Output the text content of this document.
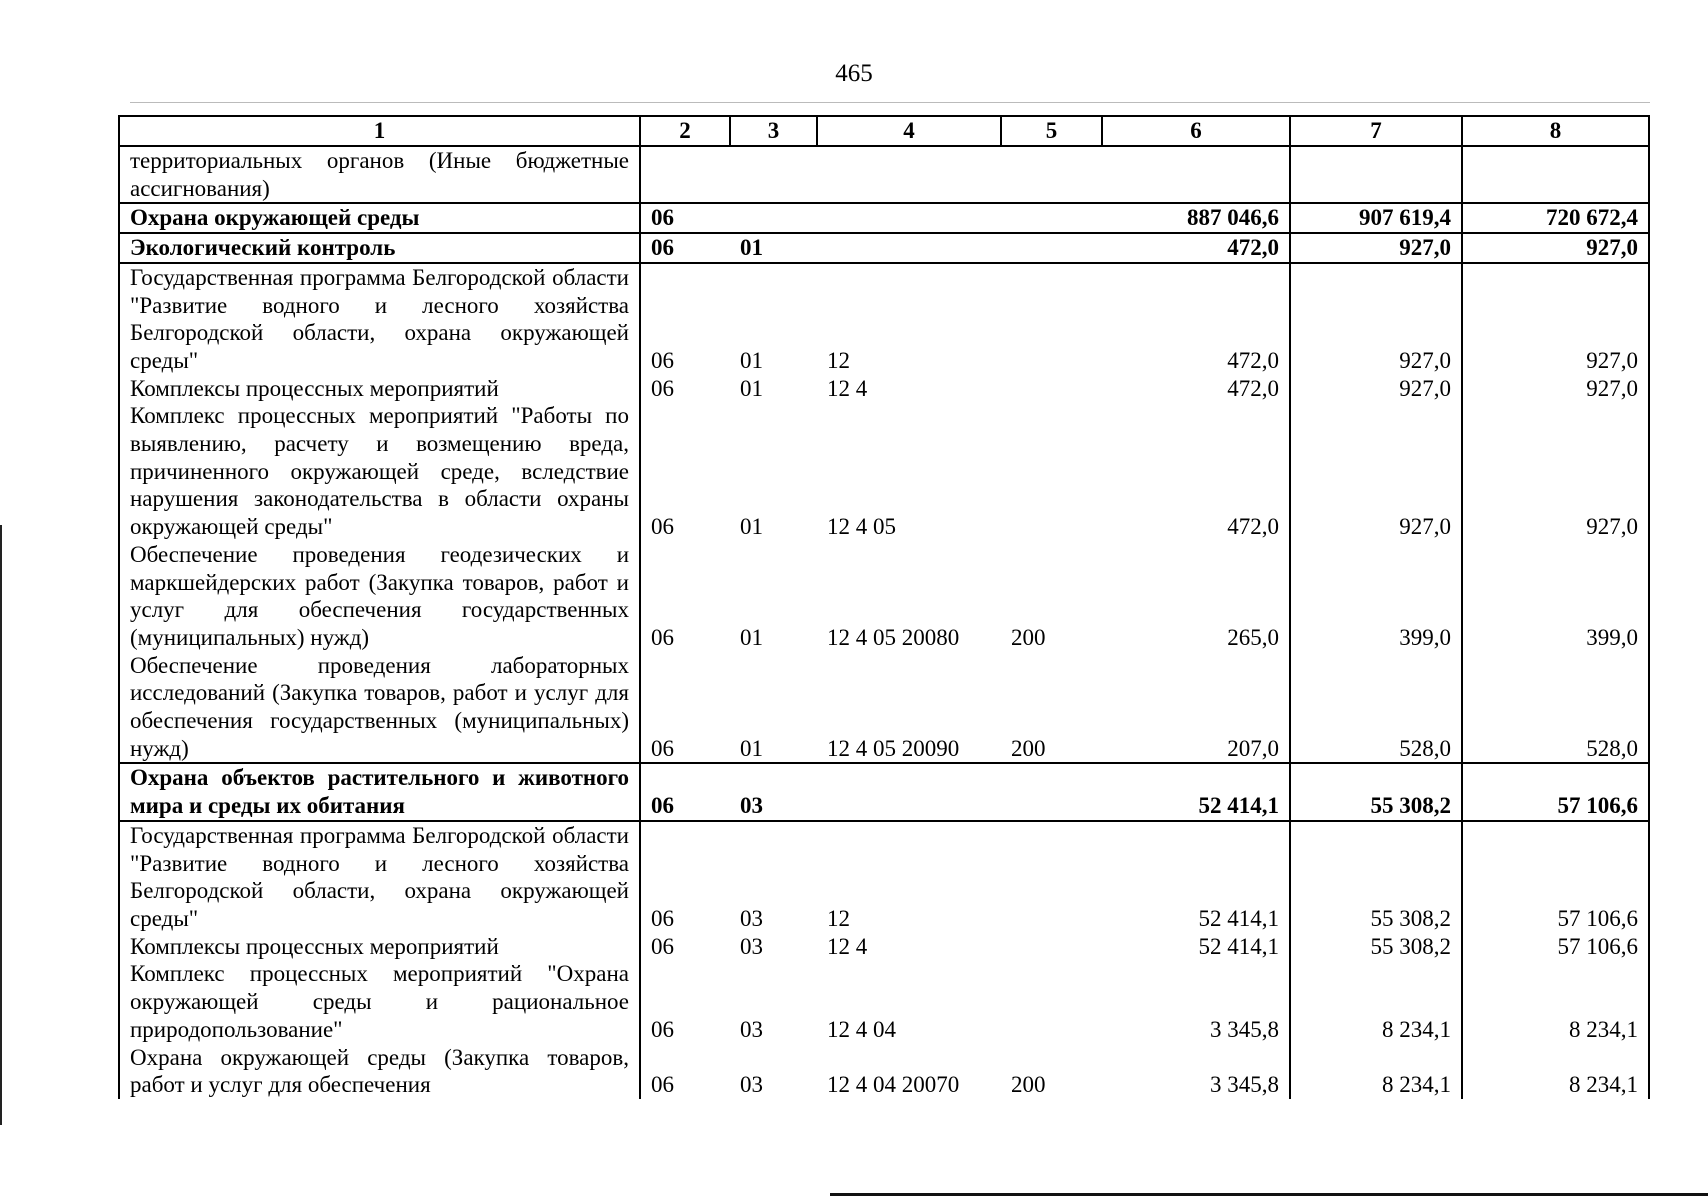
465
1	2	3	4	5	6	7	8
территориальных органов (Иные бюджетные ассигнования)							
Охрана окружающей среды	06				887 046,6	907 619,4	720 672,4
Экологический контроль	06	01			472,0	927,0	927,0
Государственная программа Белгородской области "Развитие водного и лесного хозяйства Белгородской области, охрана окружающей среды"	06	01	12		472,0	927,0	927,0
Комплексы процессных мероприятий	06	01	12 4		472,0	927,0	927,0
Комплекс процессных мероприятий "Работы по выявлению, расчету и возмещению вреда, причиненного окружающей среде, вследствие нарушения законодательства в области охраны окружающей среды"	06	01	12 4 05		472,0	927,0	927,0
Обеспечение проведения геодезических и маркшейдерских работ (Закупка товаров, работ и услуг для обеспечения государственных (муниципальных) нужд)	06	01	12 4 05 20080	200	265,0	399,0	399,0
Обеспечение проведения лабораторных исследований (Закупка товаров, работ и услуг для обеспечения государственных (муниципальных) нужд)	06	01	12 4 05 20090	200	207,0	528,0	528,0
Охрана объектов растительного и животного мира и среды их обитания	06	03			52 414,1	55 308,2	57 106,6
Государственная программа Белгородской области "Развитие водного и лесного хозяйства Белгородской области, охрана окружающей среды"	06	03	12		52 414,1	55 308,2	57 106,6
Комплексы процессных мероприятий	06	03	12 4		52 414,1	55 308,2	57 106,6
Комплекс процессных мероприятий "Охрана окружающей среды и рациональное природопользование"	06	03	12 4 04		3 345,8	8 234,1	8 234,1
Охрана окружающей среды (Закупка товаров, работ и услуг для обеспечения	06	03	12 4 04 20070	200	3 345,8	8 234,1	8 234,1
